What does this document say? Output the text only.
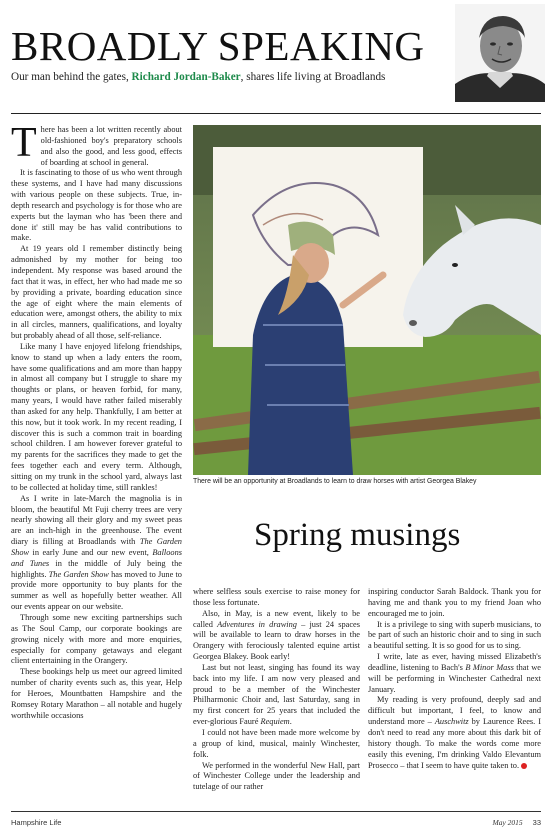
BROADLY SPEAKING
Our man behind the gates, Richard Jordan-Baker, shares life living at Broadlands

There has been a lot written recently about old-fashioned boy's preparatory schools and also the good, and less good, effects of boarding at school in general.

It is fascinating to those of us who went through these systems, and I have had many discussions with various people on these subjects. True, in-depth research and psychology is for those who are experts but the layman who has 'been there and done it' still may be has valid contributions to make.

At 19 years old I remember distinctly being admonished by my mother for being too independent. My response was based around the fact that it was, in effect, her who had made me so by providing a private, boarding education since the age of eight where the main elements of education were, amongst others, the ability to mix in all circles, manners, qualifications, and loyalty but probably ahead of all those, self-reliance.

Like many I have enjoyed lifelong friendships, know to stand up when a lady enters the room, have some qualifications and am more than happy in almost all company but I struggle to share my thoughts or plans, or heaven forbid, for many, many years, I would have rather failed miserably than asked for any help. Thankfully, I am better at this now, but it took work. In my recent reading, I discover this is such a common trait in boarding school children. I am however forever grateful to my parents for the sacrifices they made to get the fees together each and every term. Although, sitting on my trunk in the school yard, always last to be collected at holiday time, still rankles!

As I write in late-March the magnolia is in bloom, the beautiful Mt Fuji cherry trees are very nearly showing all their glory and my sweet peas are an inch-high in the greenhouse. The event diary is filling at Broadlands with The Garden Show in early June and our new event, Balloons and Tunes in the middle of July being the highlights. The Garden Show has moved to June to provide more opportunity to buy plants for the summer as well as hopefully better weather. All our events appear on our website.

Through some new exciting partnerships such as The Soul Camp, our corporate bookings are growing nicely with more and more enquiries, especially for company getaways and elegant client entertaining in the Orangery.

These bookings help us meet our agreed limited number of charity events such as, this year, Help for Heroes, Mountbatten Hampshire and the Romsey Rotary Marathon – all notable and hugely worthwhile occasions

There will be an opportunity at Broadlands to learn to draw horses with artist Georgea Blakey
Spring musings

where selfless souls exercise to raise money for those less fortunate.

Also, in May, is a new event, likely to be called Adventures in drawing – just 24 spaces will be available to learn to draw horses in the Orangery with ferociously talented equine artist Georgea Blakey. Book early!

Last but not least, singing has found its way back into my life. I am now very pleased and proud to be a member of the Winchester Philharmonic Choir and, last Saturday, sang in my first concert for 25 years that included the ever-glorious Fauré Requiem.

I could not have been made more welcome by a group of kind, musical, mainly Winchester, folk.

We performed in the wonderful New Hall, part of Winchester College under the leadership and tutelage of our rather

inspiring conductor Sarah Baldock. Thank you for having me and thank you to my friend Joan who encouraged me to join.

It is a privilege to sing with superb musicians, to be part of such an historic choir and to sing in such a beautiful setting. It is so good for us to sing.

I write, late as ever, having missed Elizabeth's deadline, listening to Bach's B Minor Mass that we will be performing in Winchester Cathedral next January.

My reading is very profound, deeply sad and difficult but important, I feel, to know and understand more – Auschwitz by Laurence Rees. I don't need to read any more about this dark bit of history though. To make the words come more easily this evening, I'm drinking Valdo Elevantum Prosecco – that I seem to have quite taken to.

Hampshire Life	May 2015 33
